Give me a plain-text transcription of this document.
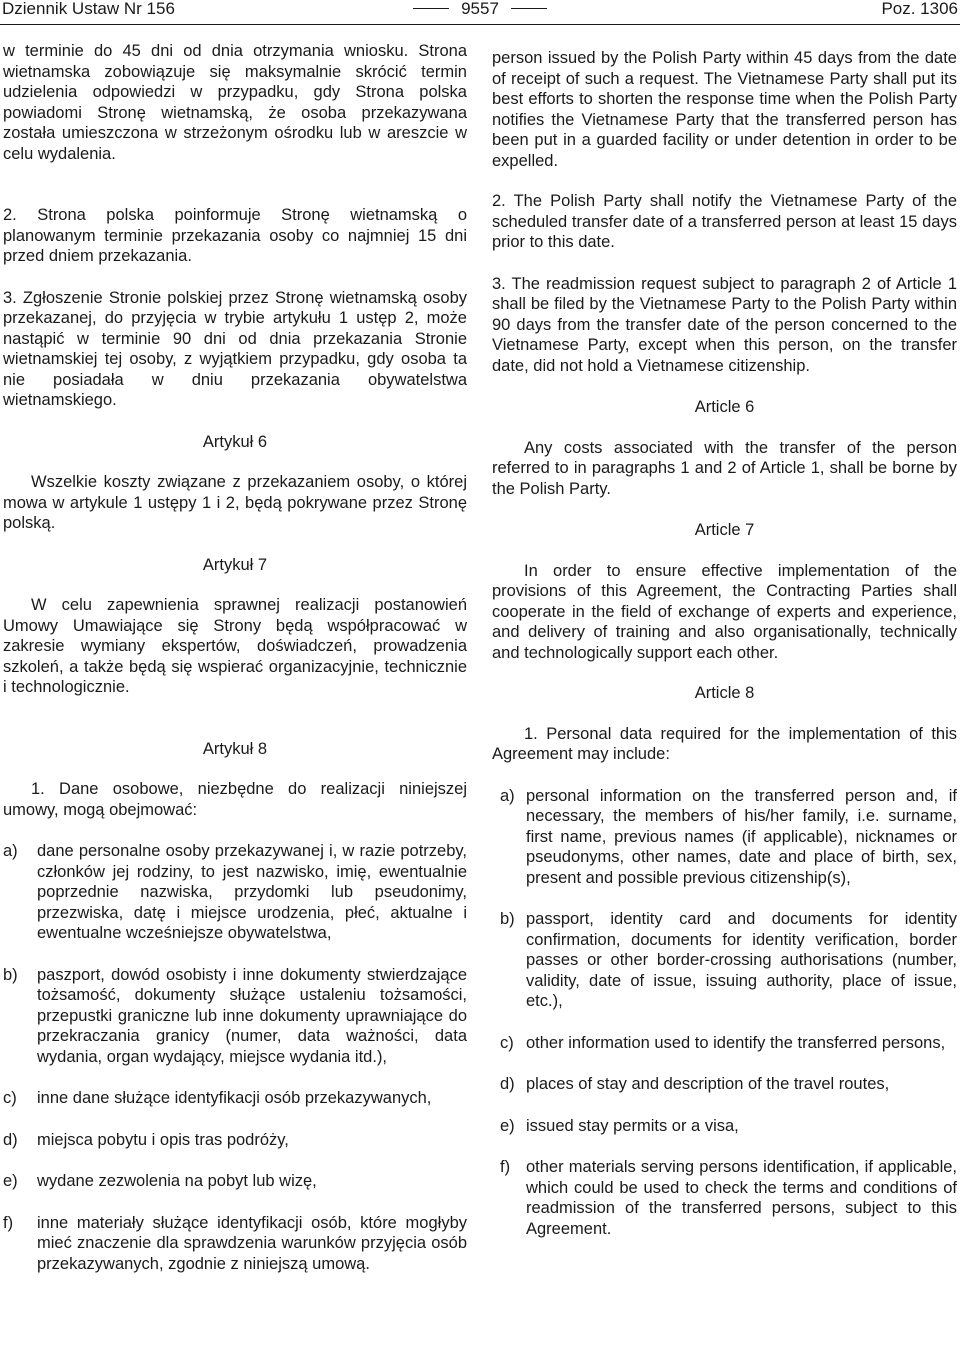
Dziennik Ustaw Nr 156	9557	Poz. 1306

w terminie do 45 dni od dnia otrzymania wniosku. Strona wietnamska zobowiązuje się maksymalnie skrócić termin udzielenia odpowiedzi w przypadku, gdy Strona polska powiadomi Stronę wietnamską, że osoba przekazywana została umieszczona w strzeżonym ośrodku lub w areszcie w celu wydalenia.

2. Strona polska poinformuje Stronę wietnamską o planowanym terminie przekazania osoby co najmniej 15 dni przed dniem przekazania.

3. Zgłoszenie Stronie polskiej przez Stronę wietnamską osoby przekazanej, do przyjęcia w trybie artykułu 1 ustęp 2, może nastąpić w terminie 90 dni od dnia przekazania Stronie wietnamskiej tej osoby, z wyjątkiem przypadku, gdy osoba ta nie posiadała w dniu przekazania obywatelstwa wietnamskiego.

Artykuł 6

Wszelkie koszty związane z przekazaniem osoby, o której mowa w artykule 1 ustępy 1 i 2, będą pokrywane przez Stronę polską.

Artykuł 7

W celu zapewnienia sprawnej realizacji postanowień Umowy Umawiające się Strony będą współpracować w zakresie wymiany ekspertów, doświadczeń, prowadzenia szkoleń, a także będą się wspierać organizacyjnie, technicznie i technologicznie.

Artykuł 8

1. Dane osobowe, niezbędne do realizacji niniejszej umowy, mogą obejmować:

a) dane personalne osoby przekazywanej i, w razie potrzeby, członków jej rodziny, to jest nazwisko, imię, ewentualnie poprzednie nazwiska, przydomki lub pseudonimy, przezwiska, datę i miejsce urodzenia, płeć, aktualne i ewentualne wcześniejsze obywatelstwa,

b) paszport, dowód osobisty i inne dokumenty stwierdzające tożsamość, dokumenty służące ustaleniu tożsamości, przepustki graniczne lub inne dokumenty uprawniające do przekraczania granicy (numer, data ważności, data wydania, organ wydający, miejsce wydania itd.),

c) inne dane służące identyfikacji osób przekazywanych,

d) miejsca pobytu i opis tras podróży,

e) wydane zezwolenia na pobyt lub wizę,

f) inne materiały służące identyfikacji osób, które mogłyby mieć znaczenie dla sprawdzenia warunków przyjęcia osób przekazywanych, zgodnie z niniejszą umową.

person issued by the Polish Party within 45 days from the date of receipt of such a request. The Vietnamese Party shall put its best efforts to shorten the response time when the Polish Party notifies the Vietnamese Party that the transferred person has been put in a guarded facility or under detention in order to be expelled.

2. The Polish Party shall notify the Vietnamese Party of the scheduled transfer date of a transferred person at least 15 days prior to this date.

3. The readmission request subject to paragraph 2 of Article 1 shall be filed by the Vietnamese Party to the Polish Party within 90 days from the transfer date of the person concerned to the Vietnamese Party, except when this person, on the transfer date, did not hold a Vietnamese citizenship.

Article 6

Any costs associated with the transfer of the person referred to in paragraphs 1 and 2 of Article 1, shall be borne by the Polish Party.

Article 7

In order to ensure effective implementation of the provisions of this Agreement, the Contracting Parties shall cooperate in the field of exchange of experts and experience, and delivery of training and also organisationally, technically and technologically support each other.

Article 8

1. Personal data required for the implementation of this Agreement may include:

a) personal information on the transferred person and, if necessary, the members of his/her family, i.e. surname, first name, previous names (if applicable), nicknames or pseudonyms, other names, date and place of birth, sex, present and possible previous citizenship(s),

b) passport, identity card and documents for identity confirmation, documents for identity verification, border passes or other border-crossing authorisations (number, validity, date of issue, issuing authority, place of issue, etc.),

c) other information used to identify the transferred persons,

d) places of stay and description of the travel routes,

e) issued stay permits or a visa,

f) other materials serving persons identification, if applicable, which could be used to check the terms and conditions of readmission of the transferred persons, subject to this Agreement.
